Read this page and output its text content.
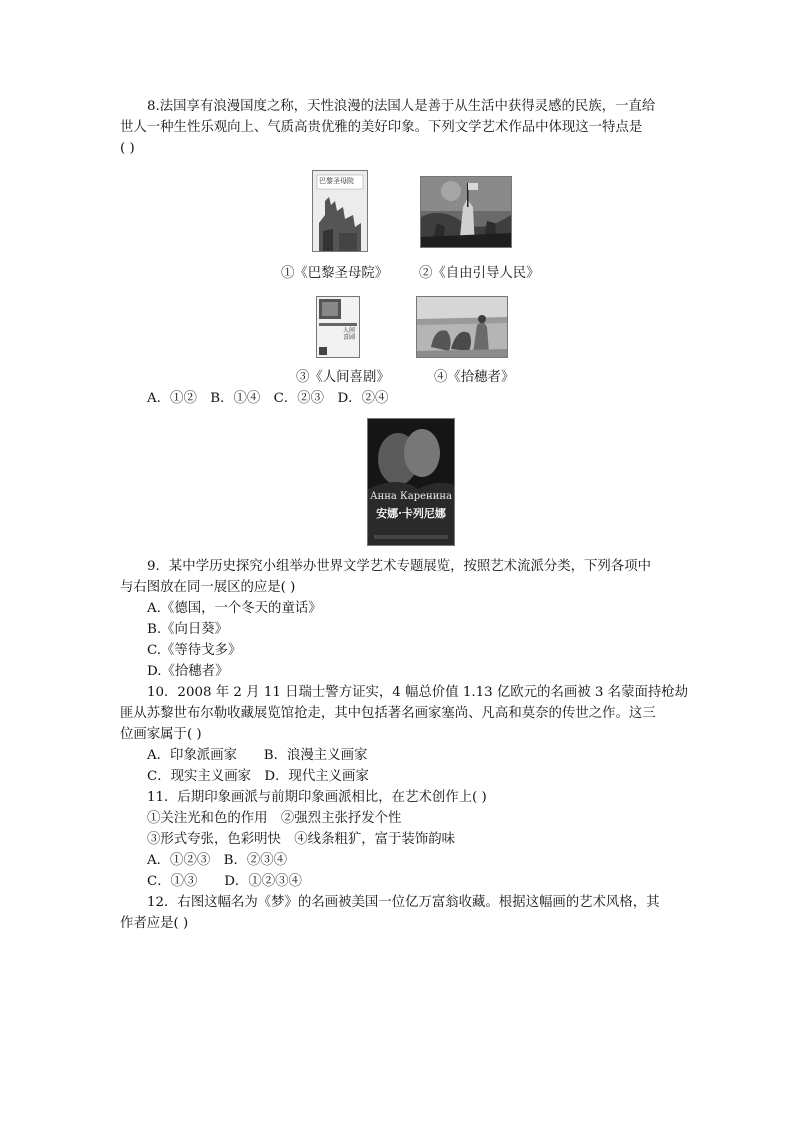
8.法国享有浪漫国度之称，天性浪漫的法国人是善于从生活中获得灵感的民族，一直给
世人一种生性乐观向上、气质高贵优雅的美好印象。下列文学艺术作品中体现这一特点是
( )
巴黎圣母院
①《巴黎圣母院》 ②《自由引导人民》
人间喜剧
③《人间喜剧》	④《拾穗者》
A．①②　B．①④　C．②③　D．②④
Анна Каренина
安娜·卡列尼娜
9．某中学历史探究小组举办世界文学艺术专题展览，按照艺术流派分类，下列各项中
与右图放在同一展区的应是( )
A.《德国，一个冬天的童话》
B.《向日葵》
C.《等待戈多》
D.《拾穗者》
10．2008 年 2 月 11 日瑞士警方证实，4 幅总价值 1.13 亿欧元的名画被 3 名蒙面持枪劫
匪从苏黎世布尔勒收藏展览馆抢走，其中包括著名画家塞尚、凡高和莫奈的传世之作。这三
位画家属于( )
A．印象派画家　　B．浪漫主义画家
C．现实主义画家　D．现代主义画家
11．后期印象画派与前期印象画派相比，在艺术创作上( )
①关注光和色的作用　②强烈主张抒发个性
③形式夸张，色彩明快　④线条粗犷，富于装饰韵味
A．①②③　B．②③④
C．①③　　D．①②③④
12．右图这幅名为《梦》的名画被美国一位亿万富翁收藏。根据这幅画的艺术风格，其
作者应是( )
